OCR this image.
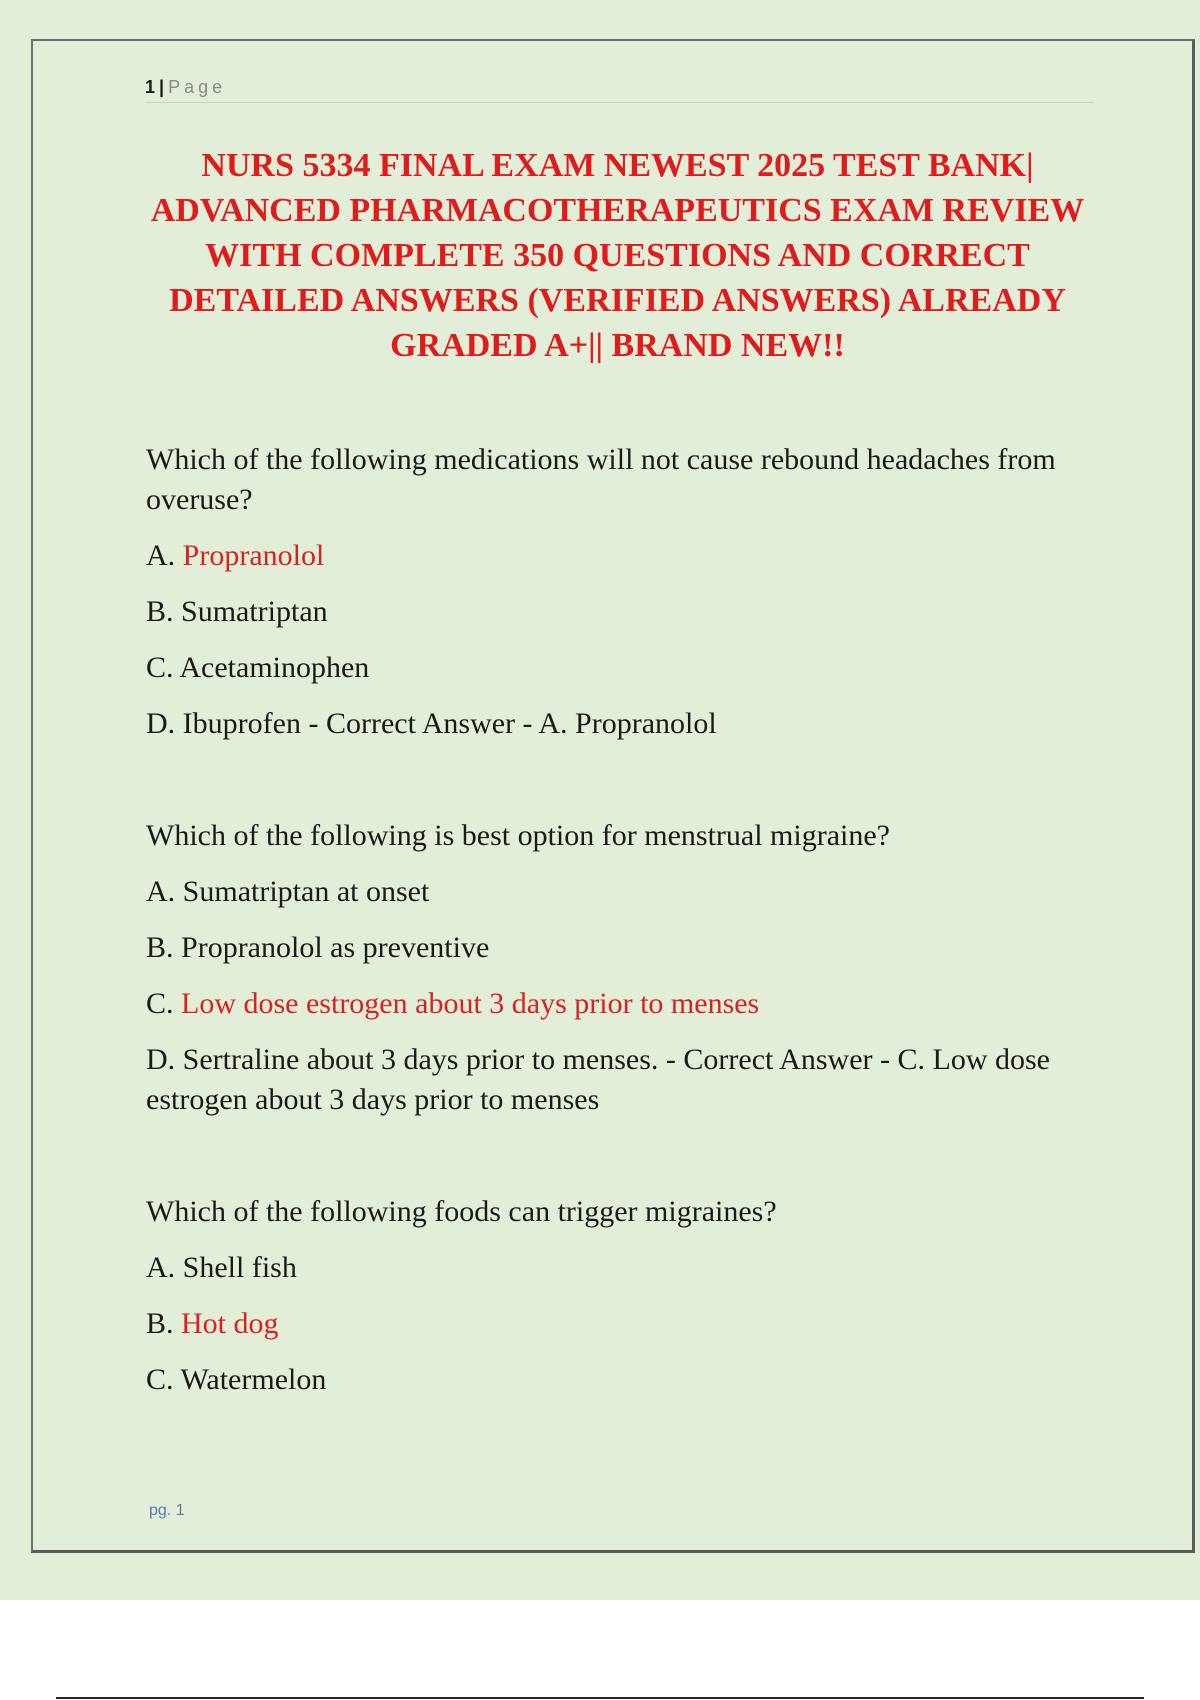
1 | Page
NURS 5334 FINAL EXAM NEWEST 2025 TEST BANK| ADVANCED PHARMACOTHERAPEUTICS EXAM REVIEW WITH COMPLETE 350 QUESTIONS AND CORRECT DETAILED ANSWERS (VERIFIED ANSWERS) ALREADY GRADED A+|| BRAND NEW!!

Which of the following medications will not cause rebound headaches from overuse?

A. Propranolol

B. Sumatriptan

C. Acetaminophen

D. Ibuprofen - Correct Answer - A. Propranolol

Which of the following is best option for menstrual migraine?

A. Sumatriptan at onset

B. Propranolol as preventive

C. Low dose estrogen about 3 days prior to menses

D. Sertraline about 3 days prior to menses. - Correct Answer - C. Low dose estrogen about 3 days prior to menses

Which of the following foods can trigger migraines?

A. Shell fish

B. Hot dog

C. Watermelon

pg. 1
